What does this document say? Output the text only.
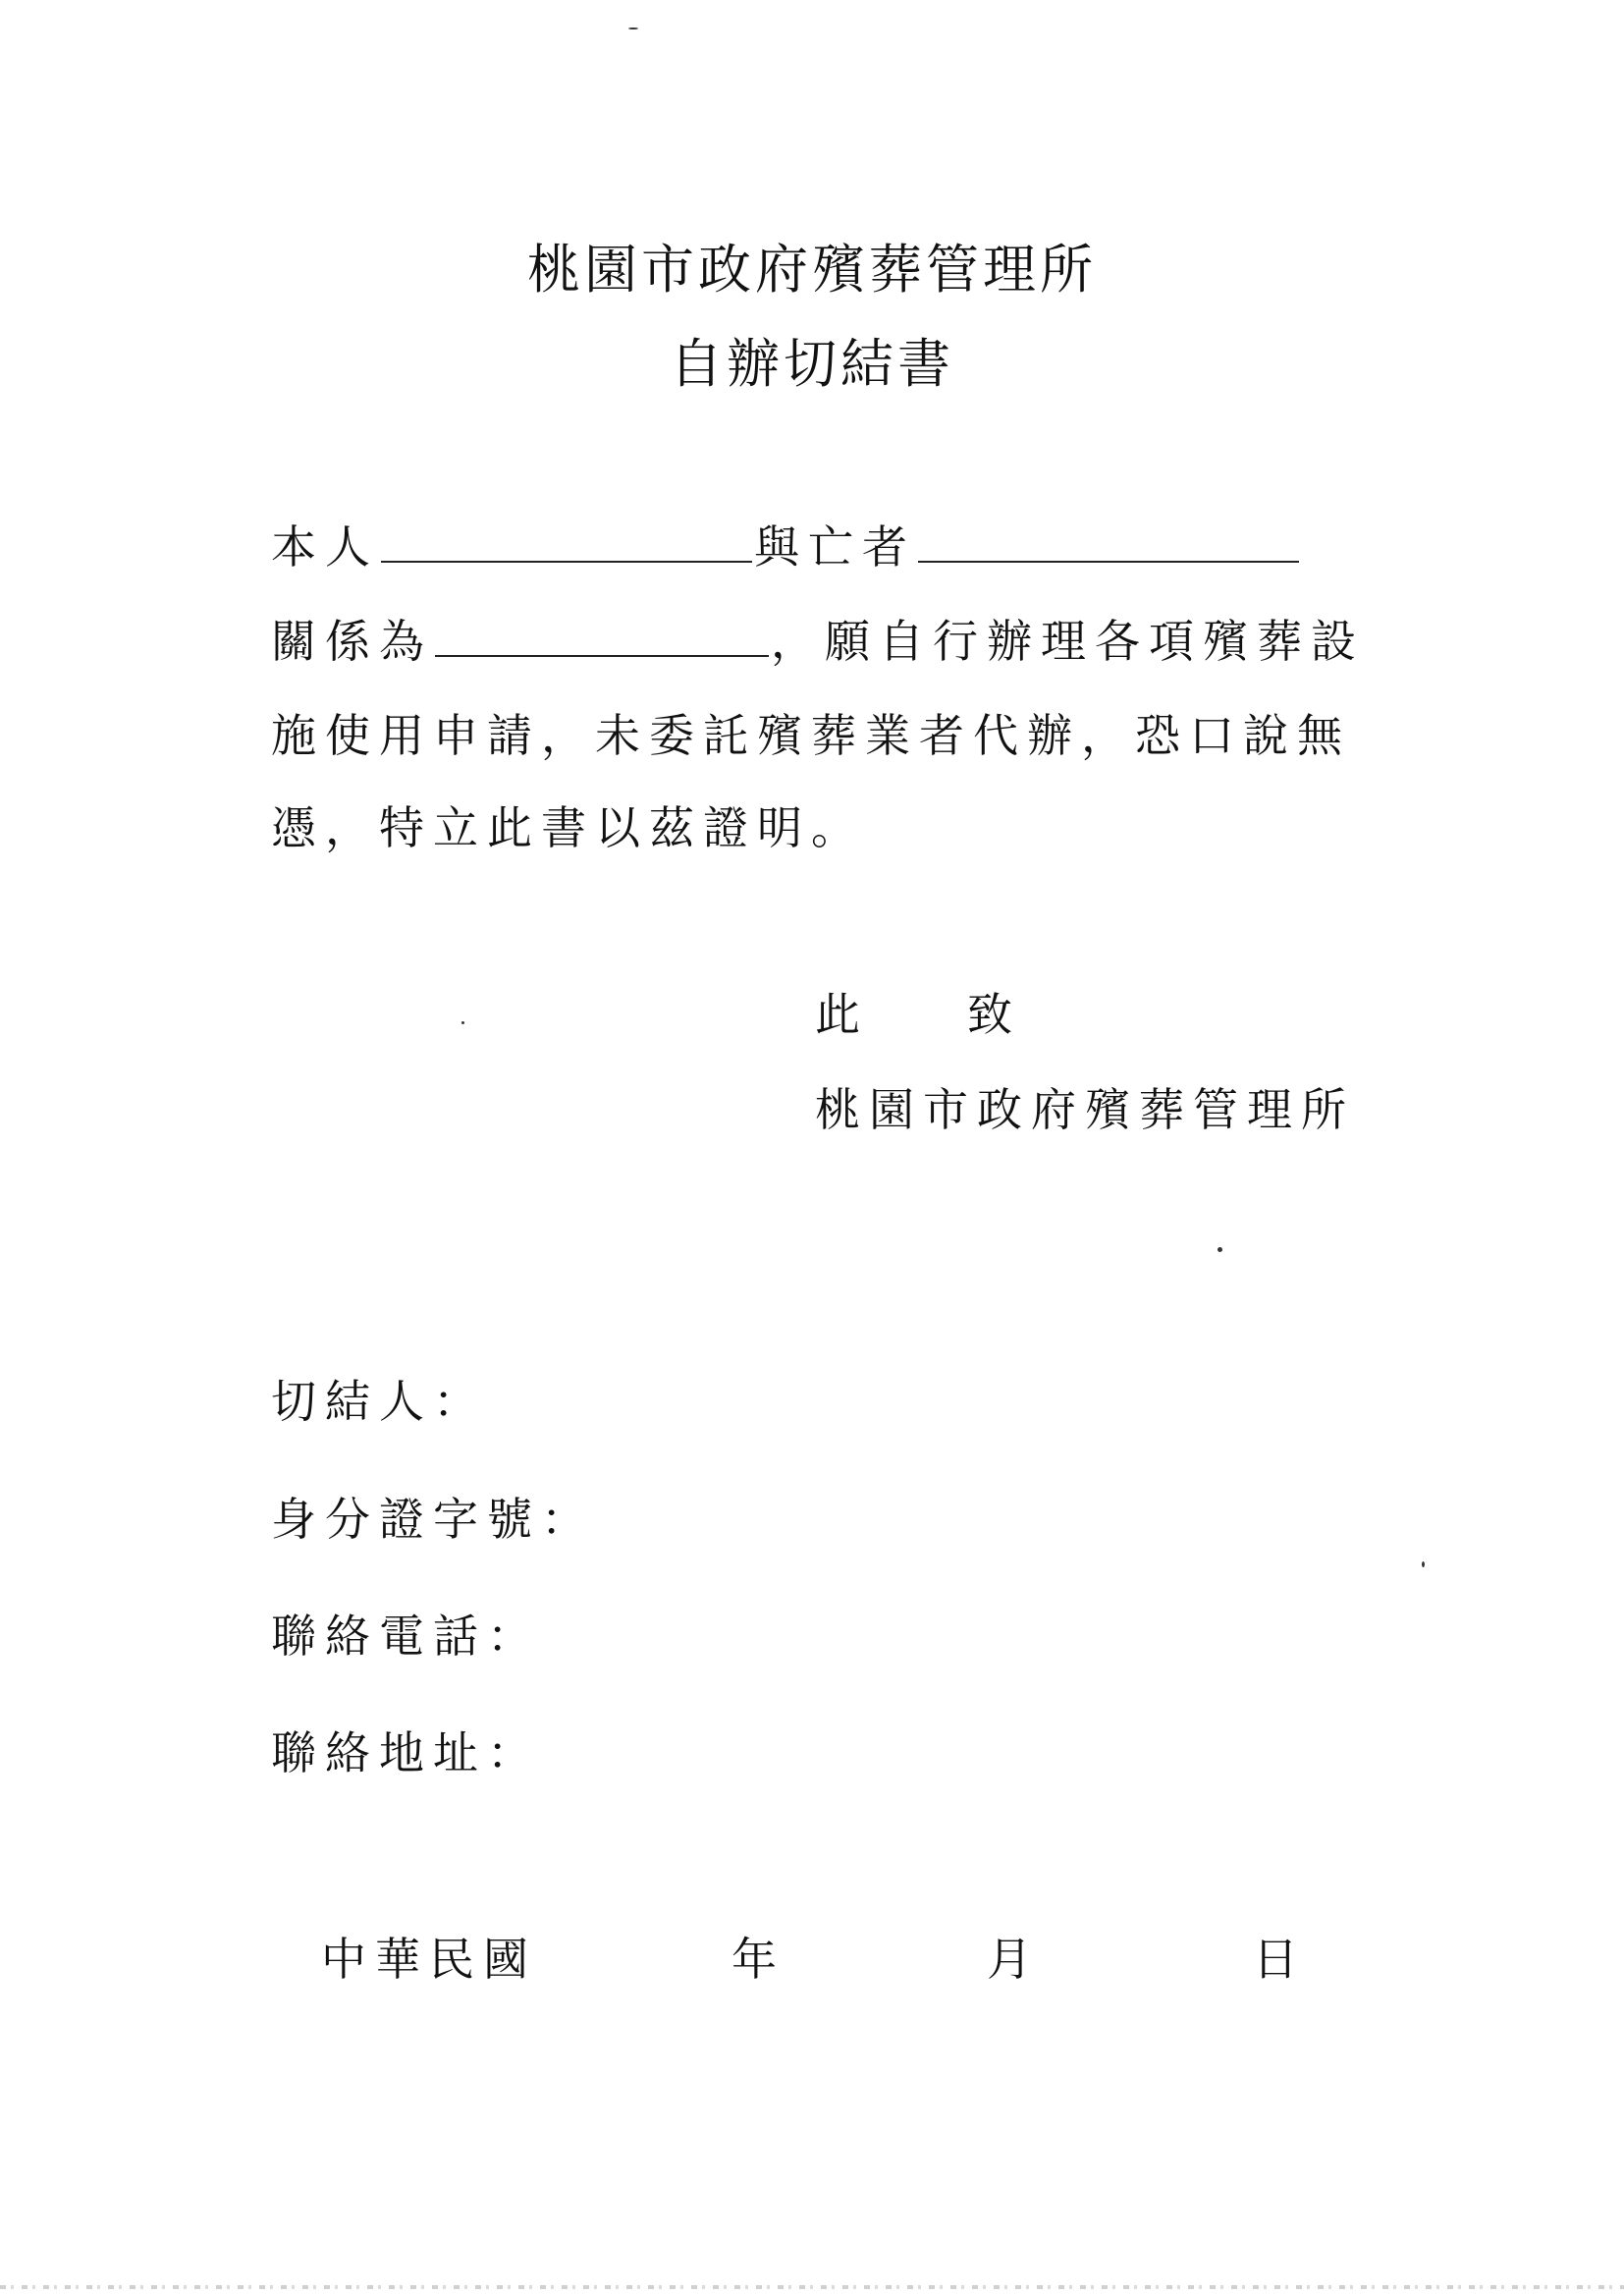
桃園市政府殯葬管理所
自辦切結書
本人	與亡者
關係為	，願自行辦理各項殯葬設
施使用申請，未委託殯葬業者代辦，恐口說無
憑，特立此書以茲證明。
此 致
桃園市政府殯葬管理所
切結人：
身分證字號：
聯絡電話：
聯絡地址：
中華民國	年	月	日
